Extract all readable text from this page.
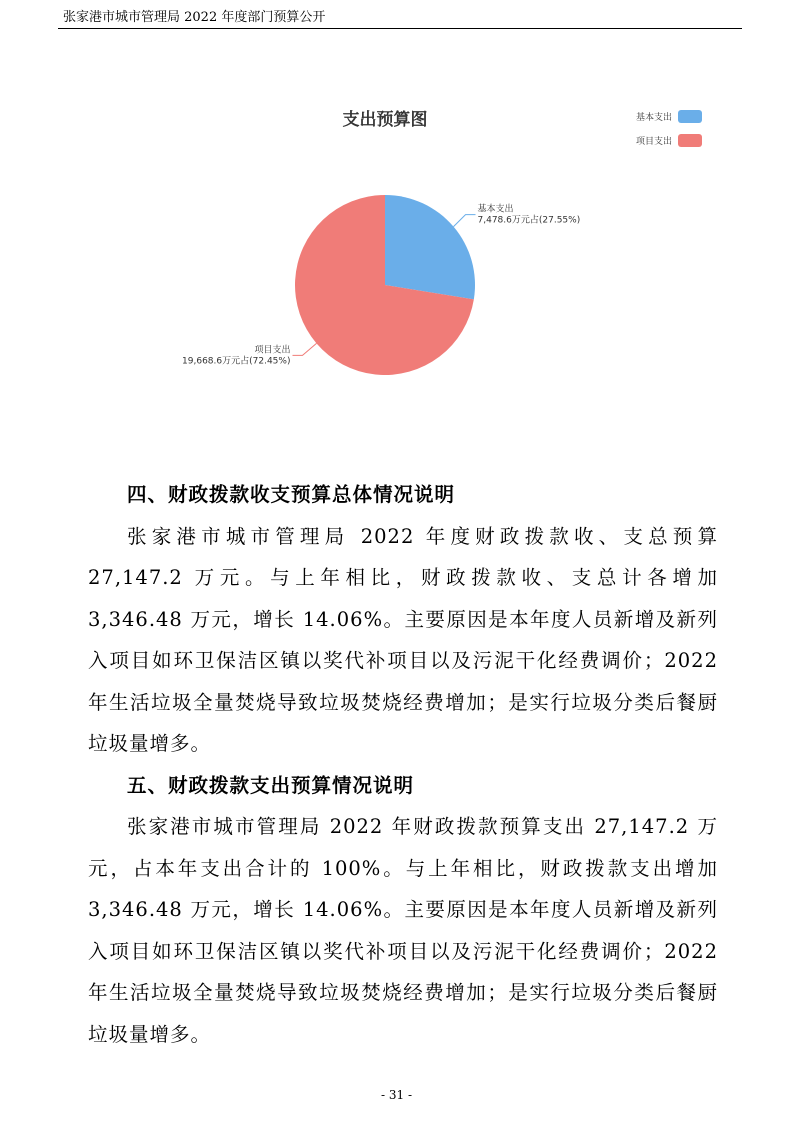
张家港市城市管理局 2022 年度部门预算公开
支出预算图	基本支出
项目支出
基本支出
7,478.6万元占(27.55%)
项目支出
19,668.6万元占(72.45%)
四、财政拨款收支预算总体情况说明

张家港市城市管理局 2022 年度财政拨款收、支总预算 27,147.2 万元。与上年相比，财政拨款收、支总计各增加 3,346.48 万元，增长 14.06%。主要原因是本年度人员新增及新列入项目如环卫保洁区镇以奖代补项目以及污泥干化经费调价；2022 年生活垃圾全量焚烧导致垃圾焚烧经费增加；是实行垃圾分类后餐厨垃圾量增多。

五、财政拨款支出预算情况说明

张家港市城市管理局 2022 年财政拨款预算支出 27,147.2 万元，占本年支出合计的 100%。与上年相比，财政拨款支出增加 3,346.48 万元，增长 14.06%。主要原因是本年度人员新增及新列入项目如环卫保洁区镇以奖代补项目以及污泥干化经费调价；2022 年生活垃圾全量焚烧导致垃圾焚烧经费增加；是实行垃圾分类后餐厨垃圾量增多。

- 31 -
